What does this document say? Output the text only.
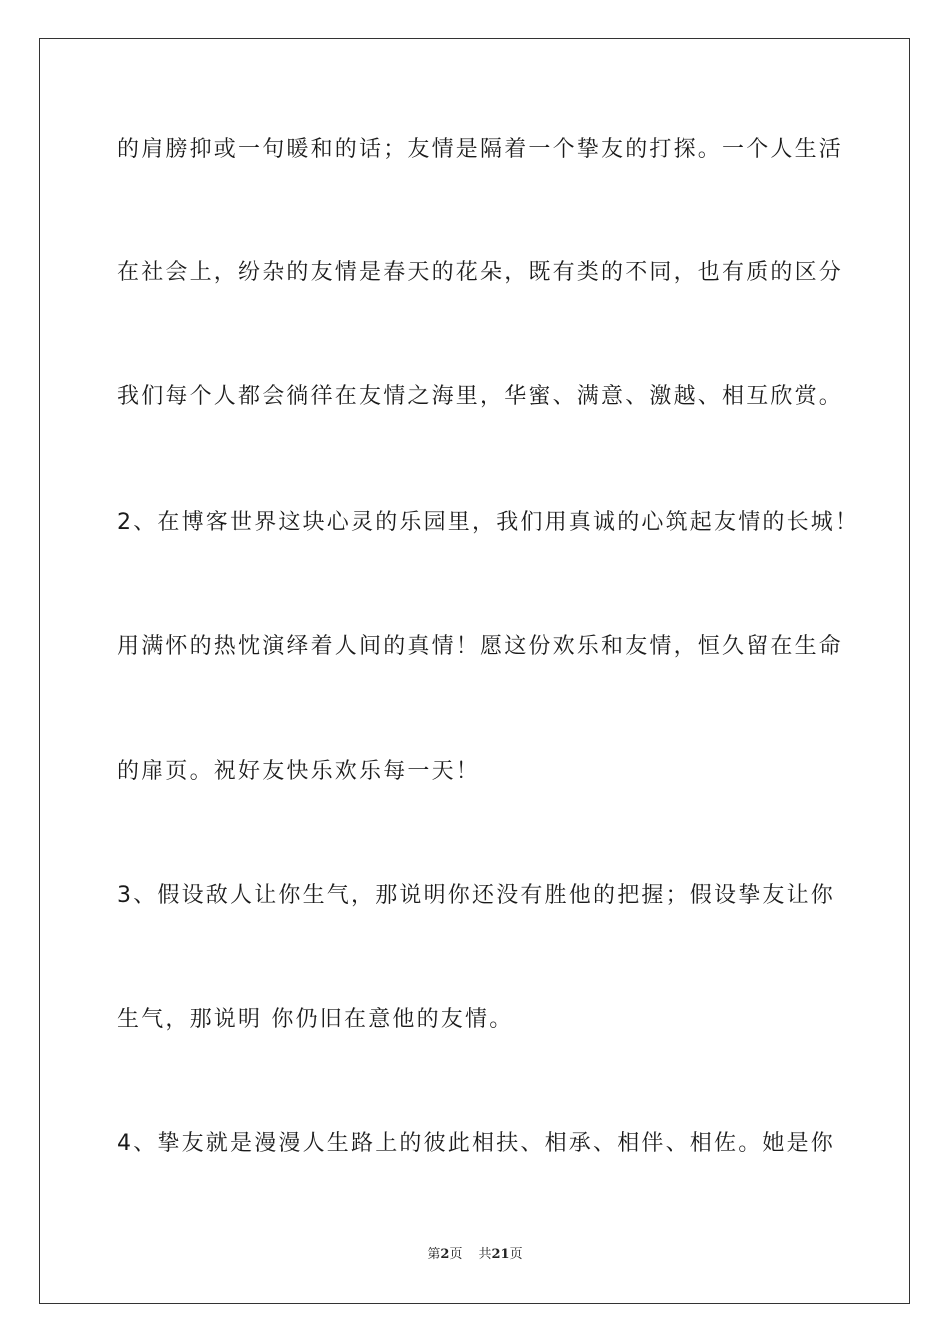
的肩膀抑或一句暖和的话；友情是隔着一个挚友的打探。一个人生活
在社会上，纷杂的友情是春天的花朵，既有类的不同，也有质的区分
我们每个人都会徜徉在友情之海里，华蜜、满意、激越、相互欣赏。
2、在博客世界这块心灵的乐园里，我们用真诚的心筑起友情的长城！
用满怀的热忱演绎着人间的真情！愿这份欢乐和友情，恒久留在生命
的扉页。祝好友快乐欢乐每一天！
3、假设敌人让你生气，那说明你还没有胜他的把握；假设挚友让你
生气，那说明 你仍旧在意他的友情。
4、挚友就是漫漫人生路上的彼此相扶、相承、相伴、相佐。她是你
第2页 共21页
